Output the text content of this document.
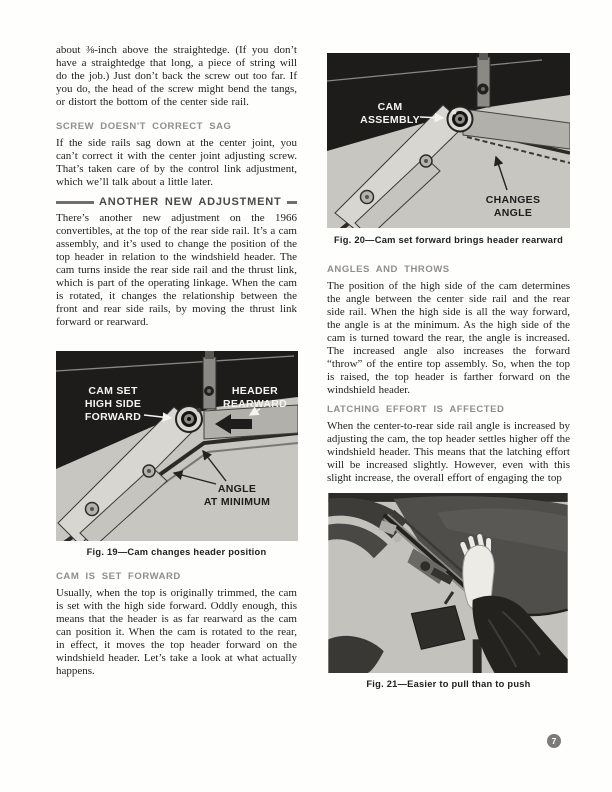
about ⅜-inch above the straightedge. (If you don’t have a straightedge that long, a piece of string will do the job.) Just don’t back the screw out too far. If you do, the head of the screw might bend the tangs, or distort the bottom of the center side rail.

SCREW DOESN'T CORRECT SAG

If the side rails sag down at the center joint, you can’t correct it with the center joint adjusting screw. That’s taken care of by the control link adjustment, which we’ll talk about a little later.

ANOTHER NEW ADJUSTMENT

There’s another new adjustment on the 1966 convertibles, at the top of the rear side rail. It’s a cam assembly, and it’s used to change the position of the top header in relation to the windshield header. The cam turns inside the rear side rail and the thrust link, which is part of the operating linkage. When the cam is rotated, it changes the relationship between the front and rear side rails, by moving the thrust link forward or rearward.

CAM SET
HIGH SIDE
FORWARD
HEADER
REARWARD
ANGLE
AT MINIMUM
Fig. 19—Cam changes header position
CAM IS SET FORWARD

Usually, when the top is originally trimmed, the cam is set with the high side forward. Oddly enough, this means that the header is as far rearward as the cam can position it. When the cam is rotated to the rear, in effect, it moves the top header forward on the windshield header. Let’s take a look at what actually happens.

CAM
ASSEMBLY
CHANGES
ANGLE
Fig. 20—Cam set forward brings header rearward
ANGLES AND THROWS

The position of the high side of the cam determines the angle between the center side rail and the rear side rail. When the high side is all the way forward, the angle is at the minimum. As the high side of the cam is turned toward the rear, the angle is increased. The increased angle also increases the forward “throw” of the entire top assembly. So, when the top is raised, the top header is farther forward on the windshield header.

LATCHING EFFORT IS AFFECTED

When the center-to-rear side rail angle is increased by adjusting the cam, the top header settles higher off the windshield header. This means that the latching effort will be increased slightly. However, even with this slight increase, the overall effort of engaging the top

Fig. 21—Easier to pull than to push
7
